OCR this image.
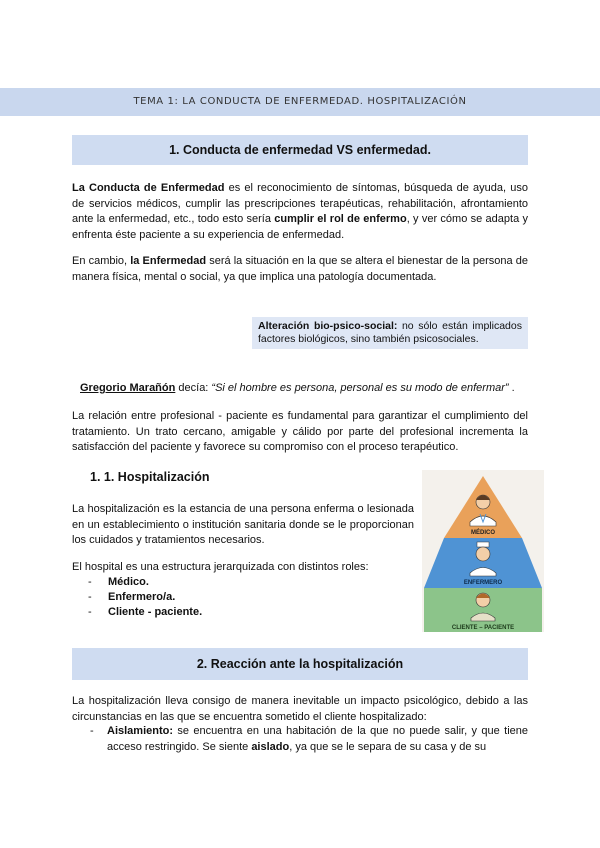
TEMA 1: LA CONDUCTA DE ENFERMEDAD. HOSPITALIZACIÓN
1. Conducta de enfermedad VS enfermedad.
La Conducta de Enfermedad es el reconocimiento de síntomas, búsqueda de ayuda, uso de servicios médicos, cumplir las prescripciones terapéuticas, rehabilitación, afrontamiento ante la enfermedad, etc., todo esto sería cumplir el rol de enfermo, y ver cómo se adapta y enfrenta éste paciente a su experiencia de enfermedad.
En cambio, la Enfermedad será la situación en la que se altera el bienestar de la persona de manera física, mental o social, ya que implica una patología documentada.
Alteración bio-psico-social: no sólo están implicados factores biológicos, sino también psicosociales.
Gregorio Marañón decía: “Si el hombre es persona, personal es su modo de enfermar” .
La relación entre profesional - paciente es fundamental para garantizar el cumplimiento del tratamiento. Un trato cercano, amigable y cálido por parte del profesional incrementa la satisfacción del paciente y favorece su compromiso con el proceso terapéutico.
1. 1. Hospitalización
La hospitalización es la estancia de una persona enferma o lesionada en un establecimiento o institución sanitaria donde se le proporcionan los cuidados y tratamientos necesarios.
El hospital es una estructura jerarquizada con distintos roles:
- Médico.
- Enfermero/a.
- Cliente - paciente.
MÉDICO
ENFERMERO
CLIENTE – PACIENTE
2. Reacción ante la hospitalización
La hospitalización lleva consigo de manera inevitable un impacto psicológico, debido a las circunstancias en las que se encuentra sometido el cliente hospitalizado:
-	Aislamiento: se encuentra en una habitación de la que no puede salir, y que tiene acceso restringido. Se siente aislado, ya que se le separa de su casa y de su
